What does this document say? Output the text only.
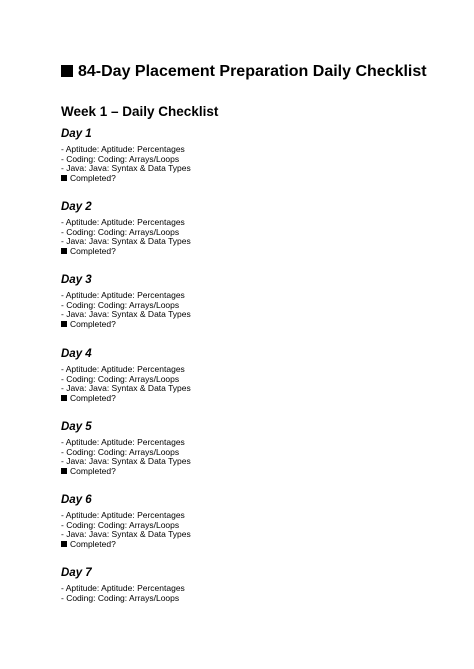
84-Day Placement Preparation Daily Checklist
Week 1 – Daily Checklist
Day 1
- Aptitude: Aptitude: Percentages
- Coding: Coding: Arrays/Loops
- Java: Java: Syntax & Data Types
Completed?
Day 2
- Aptitude: Aptitude: Percentages
- Coding: Coding: Arrays/Loops
- Java: Java: Syntax & Data Types
Completed?
Day 3
- Aptitude: Aptitude: Percentages
- Coding: Coding: Arrays/Loops
- Java: Java: Syntax & Data Types
Completed?
Day 4
- Aptitude: Aptitude: Percentages
- Coding: Coding: Arrays/Loops
- Java: Java: Syntax & Data Types
Completed?
Day 5
- Aptitude: Aptitude: Percentages
- Coding: Coding: Arrays/Loops
- Java: Java: Syntax & Data Types
Completed?
Day 6
- Aptitude: Aptitude: Percentages
- Coding: Coding: Arrays/Loops
- Java: Java: Syntax & Data Types
Completed?
Day 7
- Aptitude: Aptitude: Percentages
- Coding: Coding: Arrays/Loops
